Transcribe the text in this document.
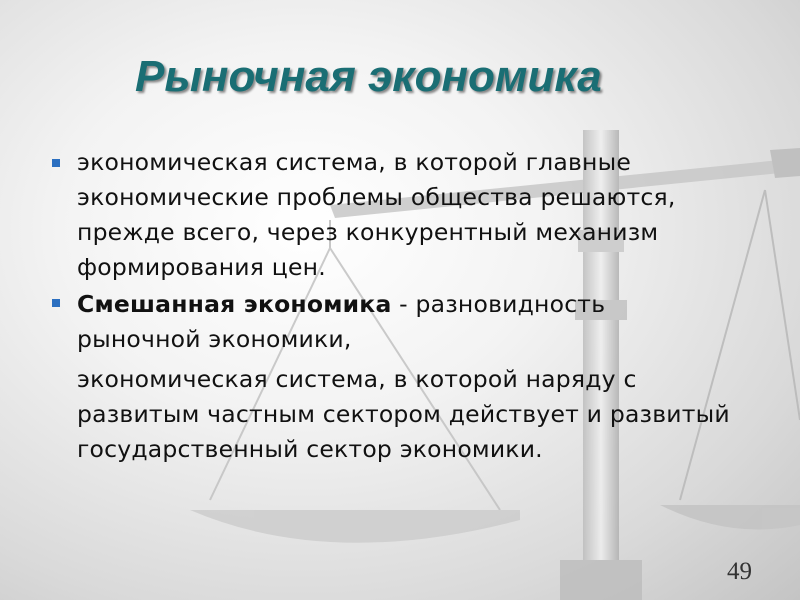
Рыночная экономика

экономическая система, в которой главные экономические проблемы общества решаются, прежде всего, через конкурентный механизм формирования цен.

Смешанная экономика - разновидность рыночной экономики,

экономическая система, в которой наряду с развитым частным сектором действует и развитый государственный сектор экономики.

49
